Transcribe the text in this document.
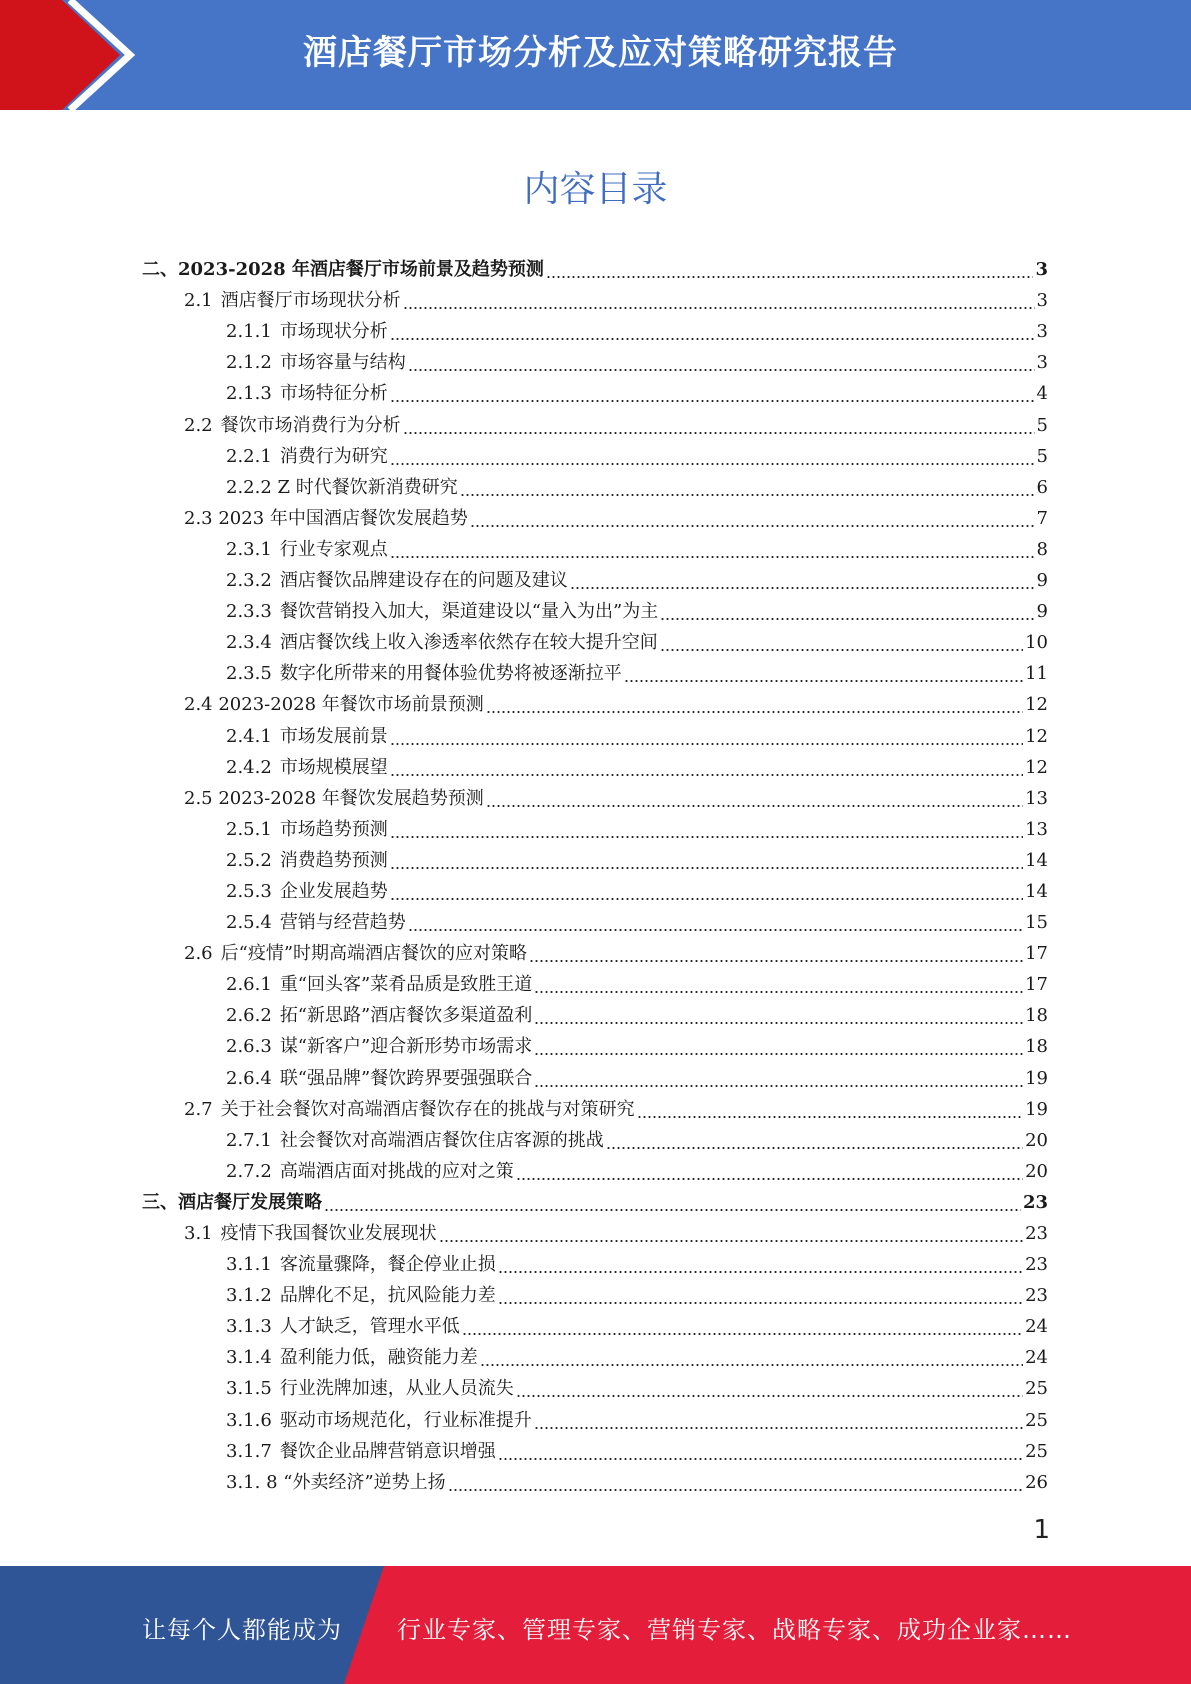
酒店餐厅市场分析及应对策略研究报告
内容目录
二、2023-2028 年酒店餐厅市场前景及趋势预测	3
2.1 酒店餐厅市场现状分析	3
2.1.1 市场现状分析	3
2.1.2 市场容量与结构	3
2.1.3 市场特征分析	4
2.2 餐饮市场消费行为分析	5
2.2.1 消费行为研究	5
2.2.2 Z 时代餐饮新消费研究	6
2.3 2023 年中国酒店餐饮发展趋势	7
2.3.1 行业专家观点	8
2.3.2 酒店餐饮品牌建设存在的问题及建议	9
2.3.3 餐饮营销投入加大，渠道建设以“量入为出”为主	9
2.3.4 酒店餐饮线上收入渗透率依然存在较大提升空间	10
2.3.5 数字化所带来的用餐体验优势将被逐渐拉平	11
2.4 2023-2028 年餐饮市场前景预测	12
2.4.1 市场发展前景	12
2.4.2 市场规模展望	12
2.5 2023-2028 年餐饮发展趋势预测	13
2.5.1 市场趋势预测	13
2.5.2 消费趋势预测	14
2.5.3 企业发展趋势	14
2.5.4 营销与经营趋势	15
2.6 后“疫情”时期高端酒店餐饮的应对策略	17
2.6.1 重“回头客”菜肴品质是致胜王道	17
2.6.2 拓“新思路”酒店餐饮多渠道盈利	18
2.6.3 谋“新客户”迎合新形势市场需求	18
2.6.4 联“强品牌”餐饮跨界要强强联合	19
2.7 关于社会餐饮对高端酒店餐饮存在的挑战与对策研究	19
2.7.1 社会餐饮对高端酒店餐饮住店客源的挑战	20
2.7.2 高端酒店面对挑战的应对之策	20
三、酒店餐厅发展策略	23
3.1 疫情下我国餐饮业发展现状	23
3.1.1 客流量骤降，餐企停业止损	23
3.1.2 品牌化不足，抗风险能力差	23
3.1.3 人才缺乏，管理水平低	24
3.1.4 盈利能力低，融资能力差	24
3.1.5 行业洗牌加速，从业人员流失	25
3.1.6 驱动市场规范化，行业标准提升	25
3.1.7 餐饮企业品牌营销意识增强	25
3.1. 8 “外卖经济”逆势上扬	26
1
让每个人都能成为 行业专家、管理专家、营销专家、战略专家、成功企业家……
